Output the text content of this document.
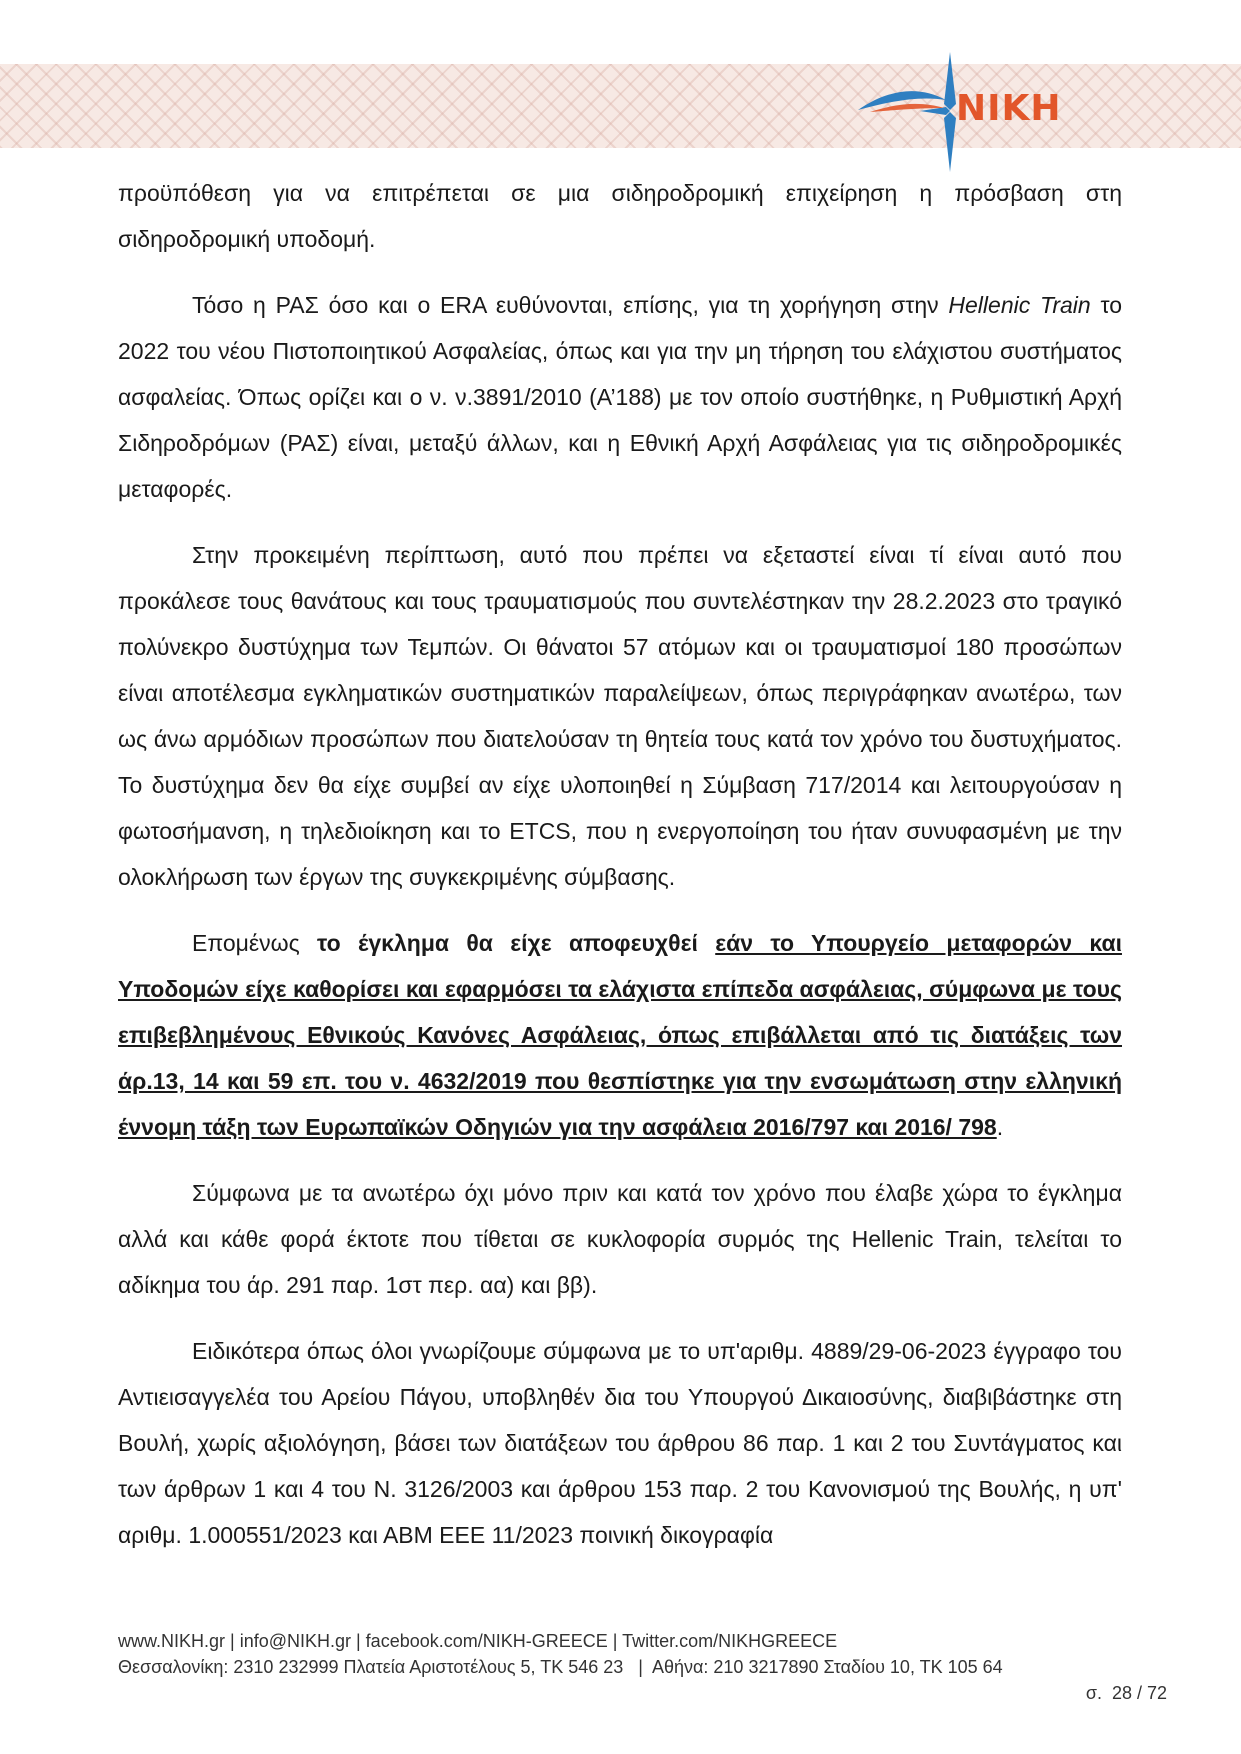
NIKH

προϋπόθεση για να επιτρέπεται σε μια σιδηροδρομική επιχείρηση η πρόσβαση στη σιδηροδρομική υποδομή.

Τόσο η ΡΑΣ όσο και ο ERA ευθύνονται, επίσης, για τη χορήγηση στην Hellenic Train το 2022 του νέου Πιστοποιητικού Ασφαλείας, όπως και για την μη τήρηση του ελάχιστου συστήματος ασφαλείας. Όπως ορίζει και ο ν. ν.3891/2010 (Α’188) με τον οποίο συστήθηκε, η Ρυθμιστική Αρχή Σιδηροδρόμων (ΡΑΣ) είναι, μεταξύ άλλων, και η Εθνική Αρχή Ασφάλειας για τις σιδηροδρομικές μεταφορές.

Στην προκειμένη περίπτωση, αυτό που πρέπει να εξεταστεί είναι τί είναι αυτό που προκάλεσε τους θανάτους και τους τραυματισμούς που συντελέστηκαν την 28.2.2023 στο τραγικό πολύνεκρο δυστύχημα των Τεμπών. Οι θάνατοι 57 ατόμων και οι τραυματισμοί 180 προσώπων είναι αποτέλεσμα εγκληματικών συστηματικών παραλείψεων, όπως περιγράφηκαν ανωτέρω, των ως άνω αρμόδιων προσώπων που διατελούσαν τη θητεία τους κατά τον χρόνο του δυστυχήματος. Το δυστύχημα δεν θα είχε συμβεί αν είχε υλοποιηθεί η Σύμβαση 717/2014 και λειτουργούσαν η φωτοσήμανση, η τηλεδιοίκηση και το ETCS, που η ενεργοποίηση του ήταν συνυφασμένη με την ολοκλήρωση των έργων της συγκεκριμένης σύμβασης.

Επομένως το έγκλημα θα είχε αποφευχθεί εάν το Υπουργείο μεταφορών και Υποδομών είχε καθορίσει και εφαρμόσει τα ελάχιστα επίπεδα ασφάλειας, σύμφωνα με τους επιβεβλημένους Εθνικούς Κανόνες Ασφάλειας, όπως επιβάλλεται από τις διατάξεις των άρ.13, 14 και 59 επ. του ν. 4632/2019 που θεσπίστηκε για την ενσωμάτωση στην ελληνική έννομη τάξη των Ευρωπαϊκών Οδηγιών για την ασφάλεια 2016/797 και 2016/ 798.

Σύμφωνα με τα ανωτέρω όχι μόνο πριν και κατά τον χρόνο που έλαβε χώρα το έγκλημα αλλά και κάθε φορά έκτοτε που τίθεται σε κυκλοφορία συρμός της Hellenic Train, τελείται το αδίκημα του άρ. 291 παρ. 1στ περ. αα) και ββ).

Ειδικότερα όπως όλοι γνωρίζουμε σύμφωνα με το υπ'αριθμ. 4889/29-06-2023 έγγραφο του Αντιεισαγγελέα του Αρείου Πάγου, υποβληθέν δια του Υπουργού Δικαιοσύνης, διαβιβάστηκε στη Βουλή, χωρίς αξιολόγηση, βάσει των διατάξεων του άρθρου 86 παρ. 1 και 2 του Συντάγματος και των άρθρων 1 και 4 του Ν. 3126/2003 και άρθρου 153 παρ. 2 του Κανονισμού της Βουλής, η υπ' αριθμ. 1.000551/2023 και ΑΒΜ ΕΕΕ 11/2023 ποινική δικογραφία

www.NIKH.gr | info@NIKH.gr | facebook.com/NIKH-GREECE | Twitter.com/NIKHGREECE
Θεσσαλονίκη: 2310 232999 Πλατεία Αριστοτέλους 5, ΤΚ 546 23   |  Αθήνα: 210 3217890 Σταδίου 10, ΤΚ 105 64
σ.  28 / 72
